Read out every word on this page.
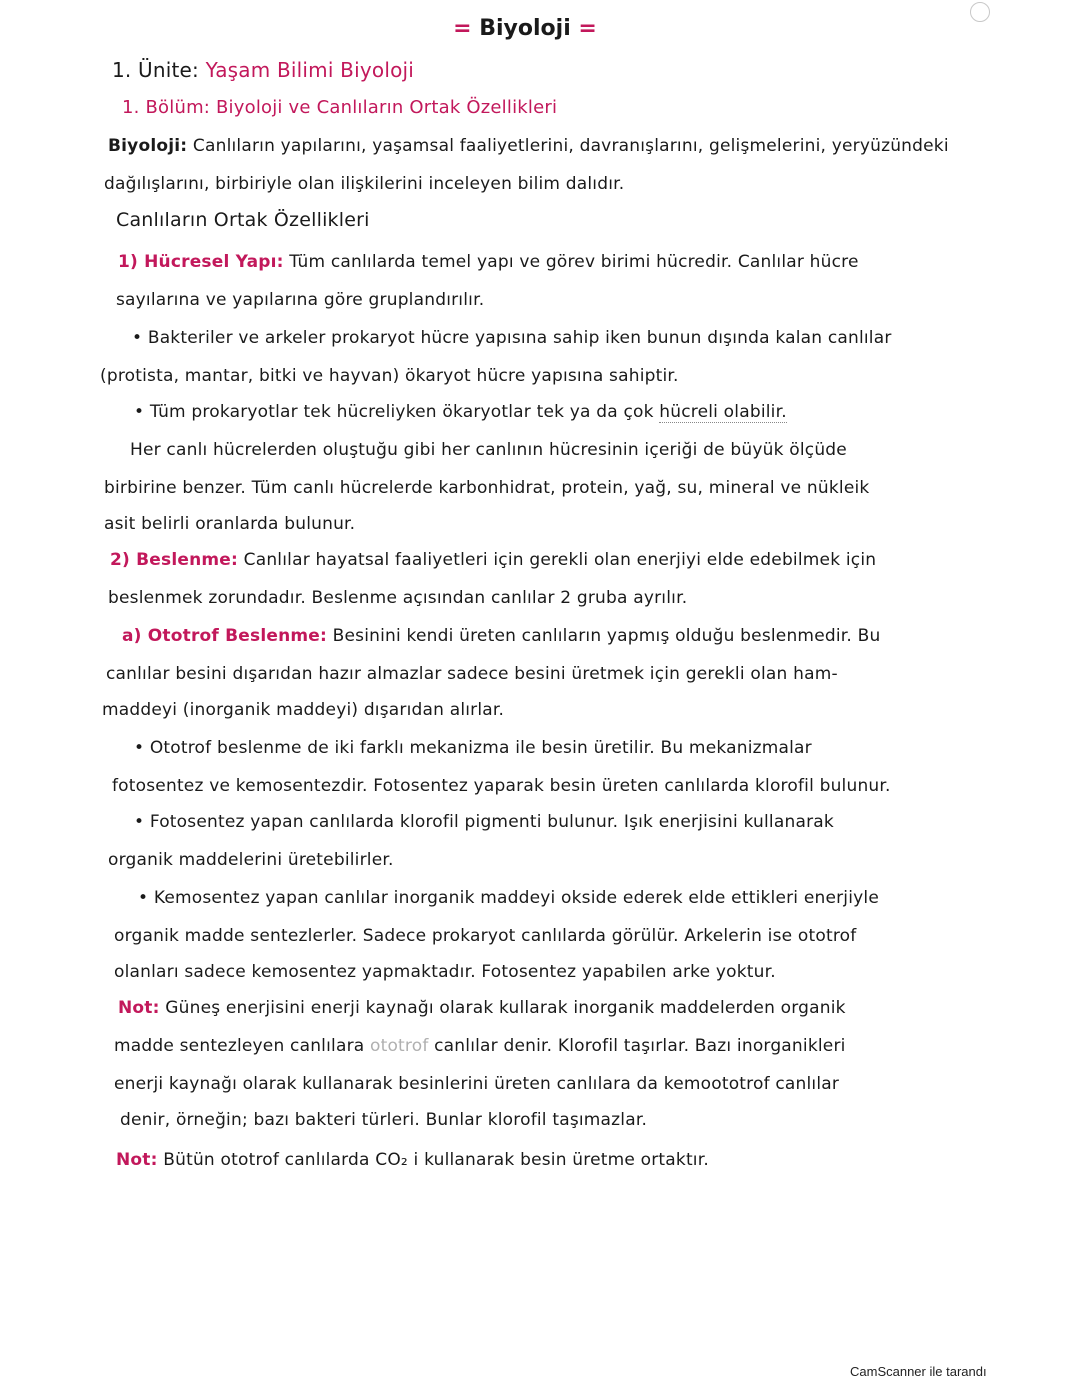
= Biyoloji =
1. Ünite: Yaşam Bilimi Biyoloji
1. Bölüm: Biyoloji ve Canlıların Ortak Özellikleri
Biyoloji: Canlıların yapılarını, yaşamsal faaliyetlerini, davranışlarını, gelişmelerini, yeryüzündeki
dağılışlarını, birbiriyle olan ilişkilerini inceleyen bilim dalıdır.
Canlıların Ortak Özellikleri
1) Hücresel Yapı: Tüm canlılarda temel yapı ve görev birimi hücredir. Canlılar hücre
sayılarına ve yapılarına göre gruplandırılır.
• Bakteriler ve arkeler prokaryot hücre yapısına sahip iken bunun dışında kalan canlılar
(protista, mantar, bitki ve hayvan) ökaryot hücre yapısına sahiptir.
• Tüm prokaryotlar tek hücreliyken ökaryotlar tek ya da çok hücreli olabilir.
Her canlı hücrelerden oluştuğu gibi her canlının hücresinin içeriği de büyük ölçüde
birbirine benzer. Tüm canlı hücrelerde karbonhidrat, protein, yağ, su, mineral ve nükleik
asit belirli oranlarda bulunur.
2) Beslenme: Canlılar hayatsal faaliyetleri için gerekli olan enerjiyi elde edebilmek için
beslenmek zorundadır. Beslenme açısından canlılar 2 gruba ayrılır.
a) Ototrof Beslenme: Besinini kendi üreten canlıların yapmış olduğu beslenmedir. Bu
canlılar besini dışarıdan hazır almazlar sadece besini üretmek için gerekli olan ham-
maddeyi (inorganik maddeyi) dışarıdan alırlar.
• Ototrof beslenme de iki farklı mekanizma ile besin üretilir. Bu mekanizmalar
fotosentez ve kemosentezdir. Fotosentez yaparak besin üreten canlılarda klorofil bulunur.
• Fotosentez yapan canlılarda klorofil pigmenti bulunur. Işık enerjisini kullanarak
organik maddelerini üretebilirler.
• Kemosentez yapan canlılar inorganik maddeyi okside ederek elde ettikleri enerjiyle
organik madde sentezlerler. Sadece prokaryot canlılarda görülür. Arkelerin ise ototrof
olanları sadece kemosentez yapmaktadır. Fotosentez yapabilen arke yoktur.
Not: Güneş enerjisini enerji kaynağı olarak kullarak inorganik maddelerden organik
madde sentezleyen canlılara ototrof canlılar denir. Klorofil taşırlar. Bazı inorganikleri
enerji kaynağı olarak kullanarak besinlerini üreten canlılara da kemoototrof canlılar
denir, örneğin; bazı bakteri türleri. Bunlar klorofil taşımazlar.
Not: Bütün ototrof canlılarda CO₂ i kullanarak besin üretme ortaktır.
CamScanner ile tarandı
